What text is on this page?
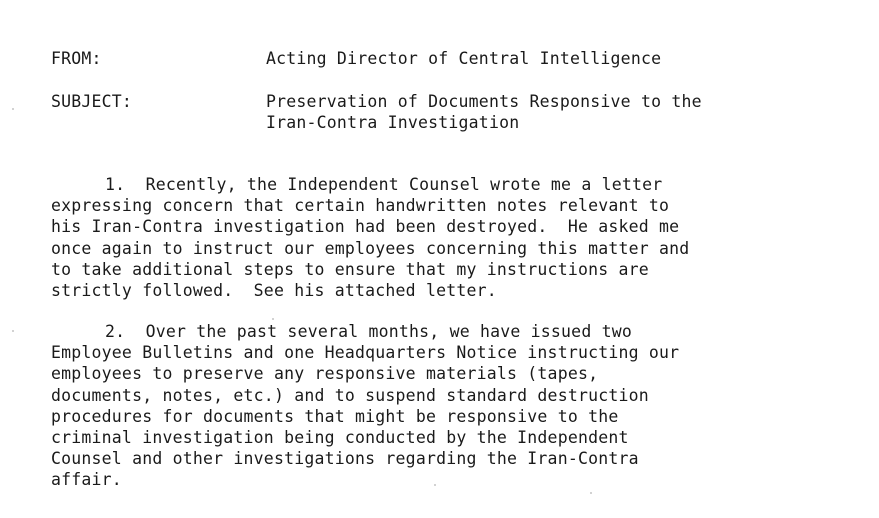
FROM:	Acting Director of Central Intelligence
SUBJECT:	Preservation of Documents Responsive to the
Iran-Contra Investigation
1. Recently, the Independent Counsel wrote me a letter
expressing concern that certain handwritten notes relevant to
his Iran-Contra investigation had been destroyed.  He asked me
once again to instruct our employees concerning this matter and
to take additional steps to ensure that my instructions are
strictly followed.  See his attached letter.
2. Over the past several months, we have issued two
Employee Bulletins and one Headquarters Notice instructing our
employees to preserve any responsive materials (tapes,
documents, notes, etc.) and to suspend standard destruction
procedures for documents that might be responsive to the
criminal investigation being conducted by the Independent
Counsel and other investigations regarding the Iran-Contra
affair.
